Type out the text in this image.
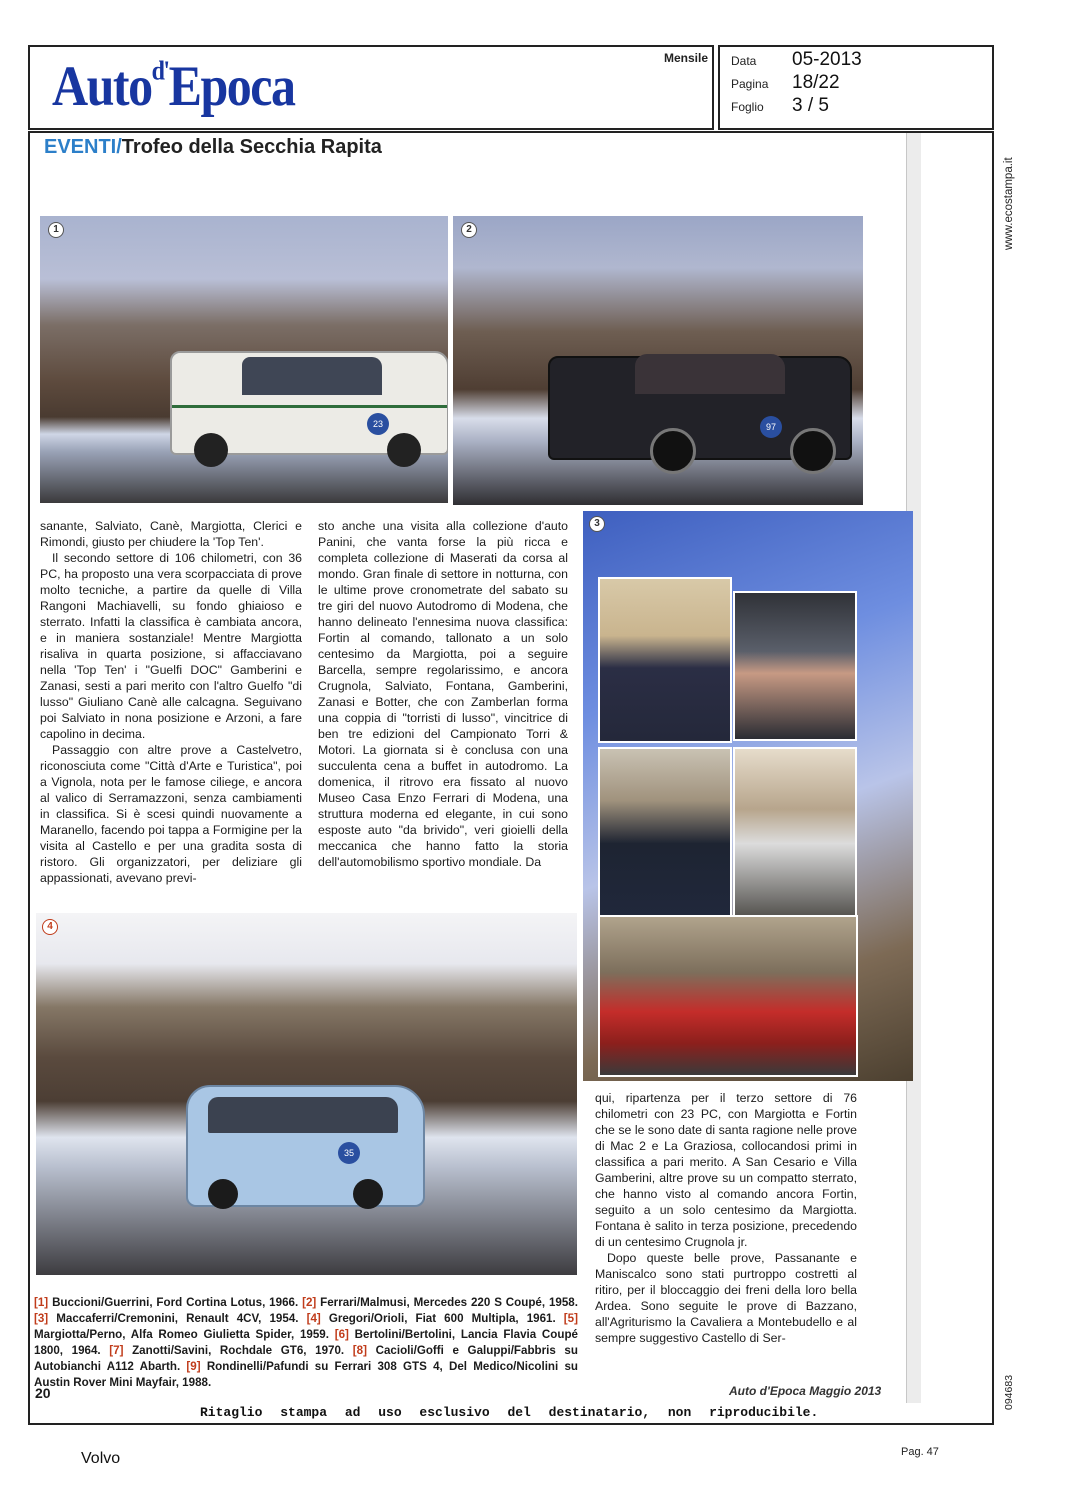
Auto$^{d'}$Epoca	Mensile Data 05-2013
Pagina 18/22
Foglio 3 / 5
EVENTI/Trofeo della Secchia Rapita
1
23
2
97

sanante, Salviato, Canè, Margiotta, Clerici e Rimondi, giusto per chiudere la 'Top Ten'.

Il secondo settore di 106 chilometri, con 36 PC, ha proposto una vera scorpacciata di prove molto tecniche, a partire da quelle di Villa Rangoni Machiavelli, su fondo ghiaioso e sterrato. Infatti la classifica è cambiata ancora, e in maniera sostanziale! Mentre Margiotta risaliva in quarta posizione, si affacciavano nella 'Top Ten' i "Guelfi DOC" Gamberini e Zanasi, sesti a pari merito con l'altro Guelfo "di lusso" Giuliano Canè alle calcagna. Seguivano poi Salviato in nona posizione e Arzoni, a fare capolino in decima.

Passaggio con altre prove a Castelvetro, riconosciuta come "Città d'Arte e Turistica", poi a Vignola, nota per le famose ciliege, e ancora al valico di Serramazzoni, senza cambiamenti in classifica. Si è scesi quindi nuovamente a Maranello, facendo poi tappa a Formigine per la visita al Castello e per una gradita sosta di ristoro. Gli organizzatori, per deliziare gli appassionati, avevano previ-

sto anche una visita alla collezione d'auto Panini, che vanta forse la più ricca e completa collezione di Maserati da corsa al mondo. Gran finale di settore in notturna, con le ultime prove cronometrate del sabato su tre giri del nuovo Autodromo di Modena, che hanno delineato l'ennesima nuova classifica: Fortin al comando, tallonato a un solo centesimo da Margiotta, poi a seguire Barcella, sempre regolarissimo, e ancora Crugnola, Salviato, Fontana, Gamberini, Zanasi e Botter, che con Zamberlan forma una coppia di "torristi di lusso", vincitrice di ben tre edizioni del Campionato Torri & Motori. La giornata si è conclusa con una succulenta cena a buffet in autodromo. La domenica, il ritrovo era fissato al nuovo Museo Casa Enzo Ferrari di Modena, una struttura moderna ed elegante, in cui sono esposte auto "da brivido", veri gioielli della meccanica che hanno fatto la storia dell'automobilismo sportivo mondiale. Da

3
4
35

qui, ripartenza per il terzo settore di 76 chilometri con 23 PC, con Margiotta e Fortin che se le sono date di santa ragione nelle prove di Mac 2 e La Graziosa, collocandosi primi in classifica a pari merito. A San Cesario e Villa Gamberini, altre prove su un compatto sterrato, che hanno visto al comando ancora Fortin, seguito a un solo centesimo da Margiotta. Fontana è salito in terza posizione, precedendo di un centesimo Crugnola jr.

Dopo queste belle prove, Passanante e Maniscalco sono stati purtroppo costretti al ritiro, per il bloccaggio dei freni della loro bella Ardea. Sono seguite le prove di Bazzano, all'Agriturismo la Cavaliera a Montebudello e al sempre suggestivo Castello di Ser-

[1] Buccioni/Guerrini, Ford Cortina Lotus, 1966. [2] Ferrari/Malmusi, Mercedes 220 S Coupé, 1958. [3] Maccaferri/Cremonini, Renault 4CV, 1954. [4] Gregori/Orioli, Fiat 600 Multipla, 1961. [5] Margiotta/Perno, Alfa Romeo Giulietta Spider, 1959. [6] Bertolini/Bertolini, Lancia Flavia Coupé 1800, 1964. [7] Zanotti/Savini, Rochdale GT6, 1970. [8] Cacioli/Goffi e Galuppi/Fabbris su Autobianchi A112 Abarth. [9] Rondinelli/Pafundi su Ferrari 308 GTS 4, Del Medico/Nicolini su Austin Rover Mini Mayfair, 1988.
20	Auto d'Epoca Maggio 2013
Ritaglio stampa ad uso esclusivo del destinatario, non riproducibile.
www.ecostampa.it
094683
Volvo	Pag. 47
